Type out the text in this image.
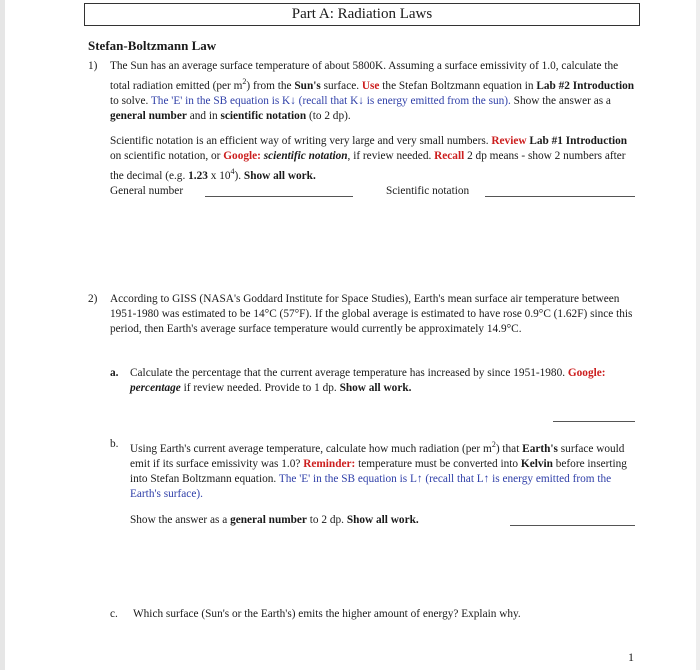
Part A: Radiation Laws
Stefan-Boltzmann Law
1) The Sun has an average surface temperature of about 5800K. Assuming a surface emissivity of 1.0, calculate the total radiation emitted (per $m^2$) from the Sun's surface. Use the Stefan Boltzmann equation in Lab #2 Introduction to solve. The 'E' in the SB equation is K↓ (recall that K↓ is energy emitted from the sun). Show the answer as a general number and in scientific notation (to 2 dp).
Scientific notation is an efficient way of writing very large and very small numbers. Review Lab #1 Introduction on scientific notation, or Google: scientific notation, if review needed. Recall 2 dp means - show 2 numbers after the decimal (e.g. 1.23 x $10^4$). Show all work.
General number	Scientific notation
2) According to GISS (NASA's Goddard Institute for Space Studies), Earth's mean surface air temperature between 1951-1980 was estimated to be 14°C (57°F). If the global average is estimated to have rose 0.9°C (1.62F) since this period, then Earth's average surface temperature would currently be approximately 14.9°C.
a. Calculate the percentage that the current average temperature has increased by since 1951-1980. Google: percentage if review needed. Provide to 1 dp. Show all work.
b. Using Earth's current average temperature, calculate how much radiation (per $m^2$) that Earth's surface would emit if its surface emissivity was 1.0? Reminder: temperature must be converted into Kelvin before inserting into Stefan Boltzmann equation. The 'E' in the SB equation is L↑ (recall that L↑ is energy emitted from the Earth's surface).
Show the answer as a general number to 2 dp. Show all work.
c. Which surface (Sun's or the Earth's) emits the higher amount of energy? Explain why.
1
